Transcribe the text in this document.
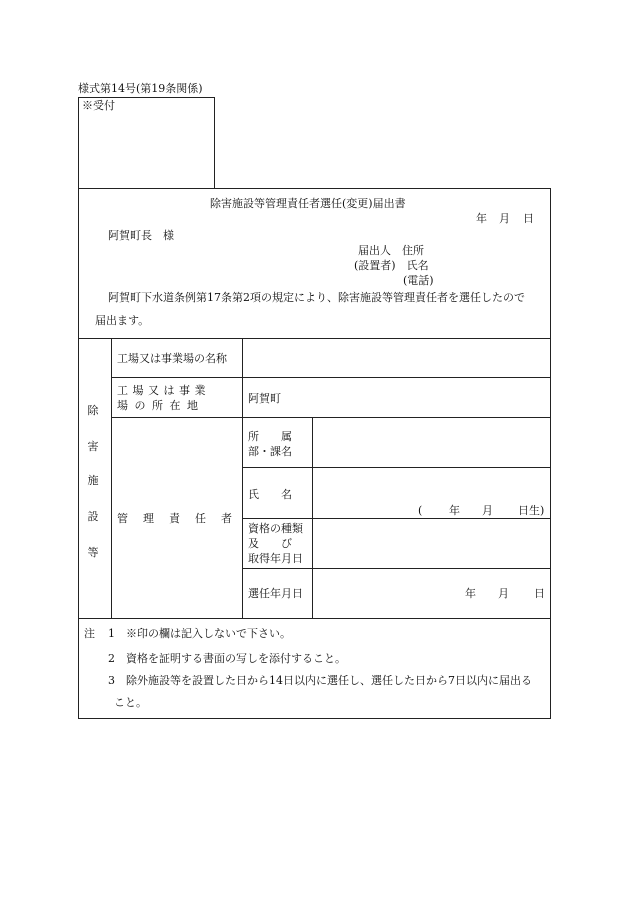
様式第14号(第19条関係)
※受付
除害施設等管理責任者選任(変更)届出書
年 月 日
阿賀町長　様
届出人　住所
(設置者)　氏名
(電話)
阿賀町下水道条例第17条第2項の規定により、除害施設等管理責任者を選任したので
届出ます。
除
害
施
設
等
工場又は事業場の名称
工 場 又 は 事 業
場 の 所 在 地
阿賀町
管　理　責　任　者
所　　属
部・課名
氏　　名
( 年 月 日生)
資格の種類
及　　び
取得年月日
選任年月日	年 月 日
注 1 ※印の欄は記入しないで下さい。
2 資格を証明する書面の写しを添付すること。
3 除外施設等を設置した日から14日以内に選任し、選任した日から7日以内に届出る
こと。
